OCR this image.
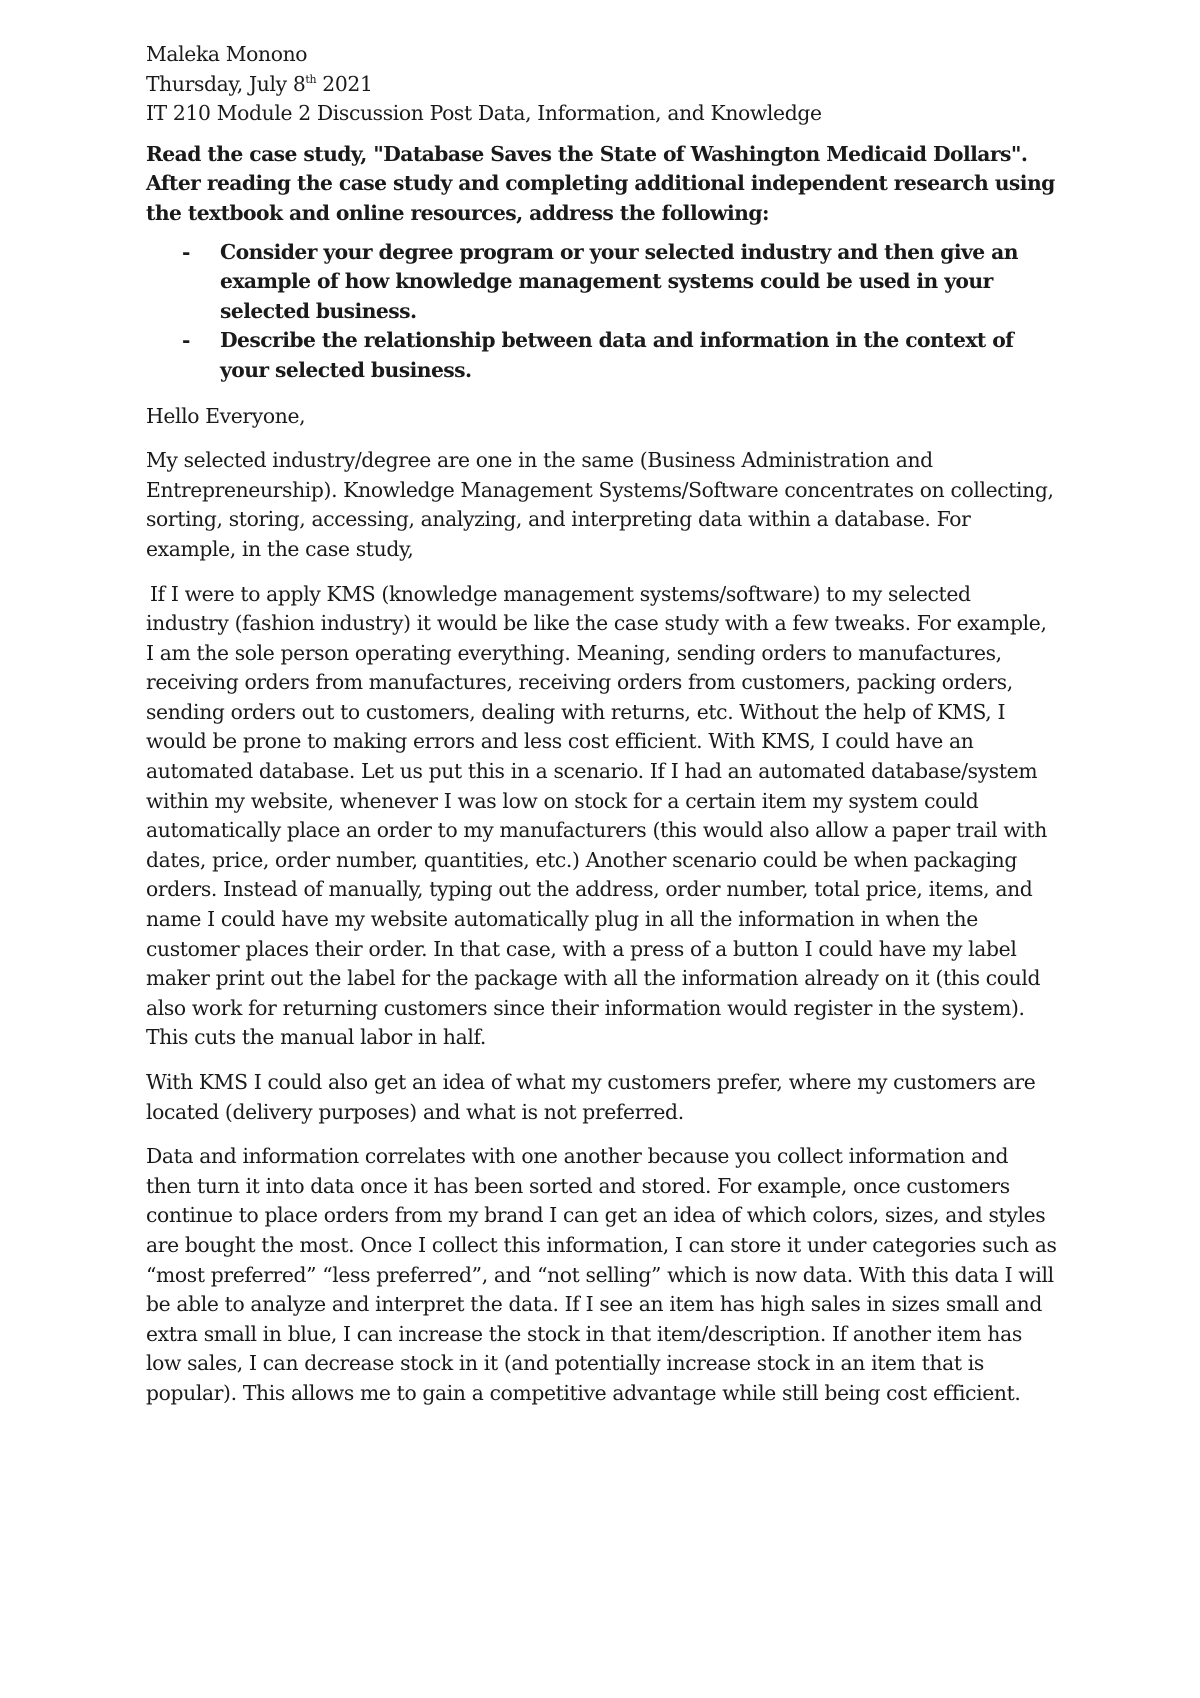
Maleka Monono

Thursday, July 8th 2021

IT 210 Module 2 Discussion Post Data, Information, and Knowledge

Read the case study, "Database Saves the State of Washington Medicaid Dollars". After reading the case study and completing additional independent research using the textbook and online resources, address the following:

- Consider your degree program or your selected industry and then give an example of how knowledge management systems could be used in your selected business.
- Describe the relationship between data and information in the context of your selected business.

Hello Everyone,

My selected industry/degree are one in the same (Business Administration and Entrepreneurship). Knowledge Management Systems/Software concentrates on collecting, sorting, storing, accessing, analyzing, and interpreting data within a database. For example, in the case study,

If I were to apply KMS (knowledge management systems/software) to my selected industry (fashion industry) it would be like the case study with a few tweaks. For example, I am the sole person operating everything. Meaning, sending orders to manufactures, receiving orders from manufactures, receiving orders from customers, packing orders, sending orders out to customers, dealing with returns, etc. Without the help of KMS, I would be prone to making errors and less cost efficient. With KMS, I could have an automated database. Let us put this in a scenario. If I had an automated database/system within my website, whenever I was low on stock for a certain item my system could automatically place an order to my manufacturers (this would also allow a paper trail with dates, price, order number, quantities, etc.) Another scenario could be when packaging orders. Instead of manually, typing out the address, order number, total price, items, and name I could have my website automatically plug in all the information in when the customer places their order. In that case, with a press of a button I could have my label maker print out the label for the package with all the information already on it (this could also work for returning customers since their information would register in the system). This cuts the manual labor in half.

With KMS I could also get an idea of what my customers prefer, where my customers are located (delivery purposes) and what is not preferred.

Data and information correlates with one another because you collect information and then turn it into data once it has been sorted and stored. For example, once customers continue to place orders from my brand I can get an idea of which colors, sizes, and styles are bought the most. Once I collect this information, I can store it under categories such as “most preferred” “less preferred”, and “not selling” which is now data. With this data I will be able to analyze and interpret the data. If I see an item has high sales in sizes small and extra small in blue, I can increase the stock in that item/description. If another item has low sales, I can decrease stock in it (and potentially increase stock in an item that is popular). This allows me to gain a competitive advantage while still being cost efficient.
